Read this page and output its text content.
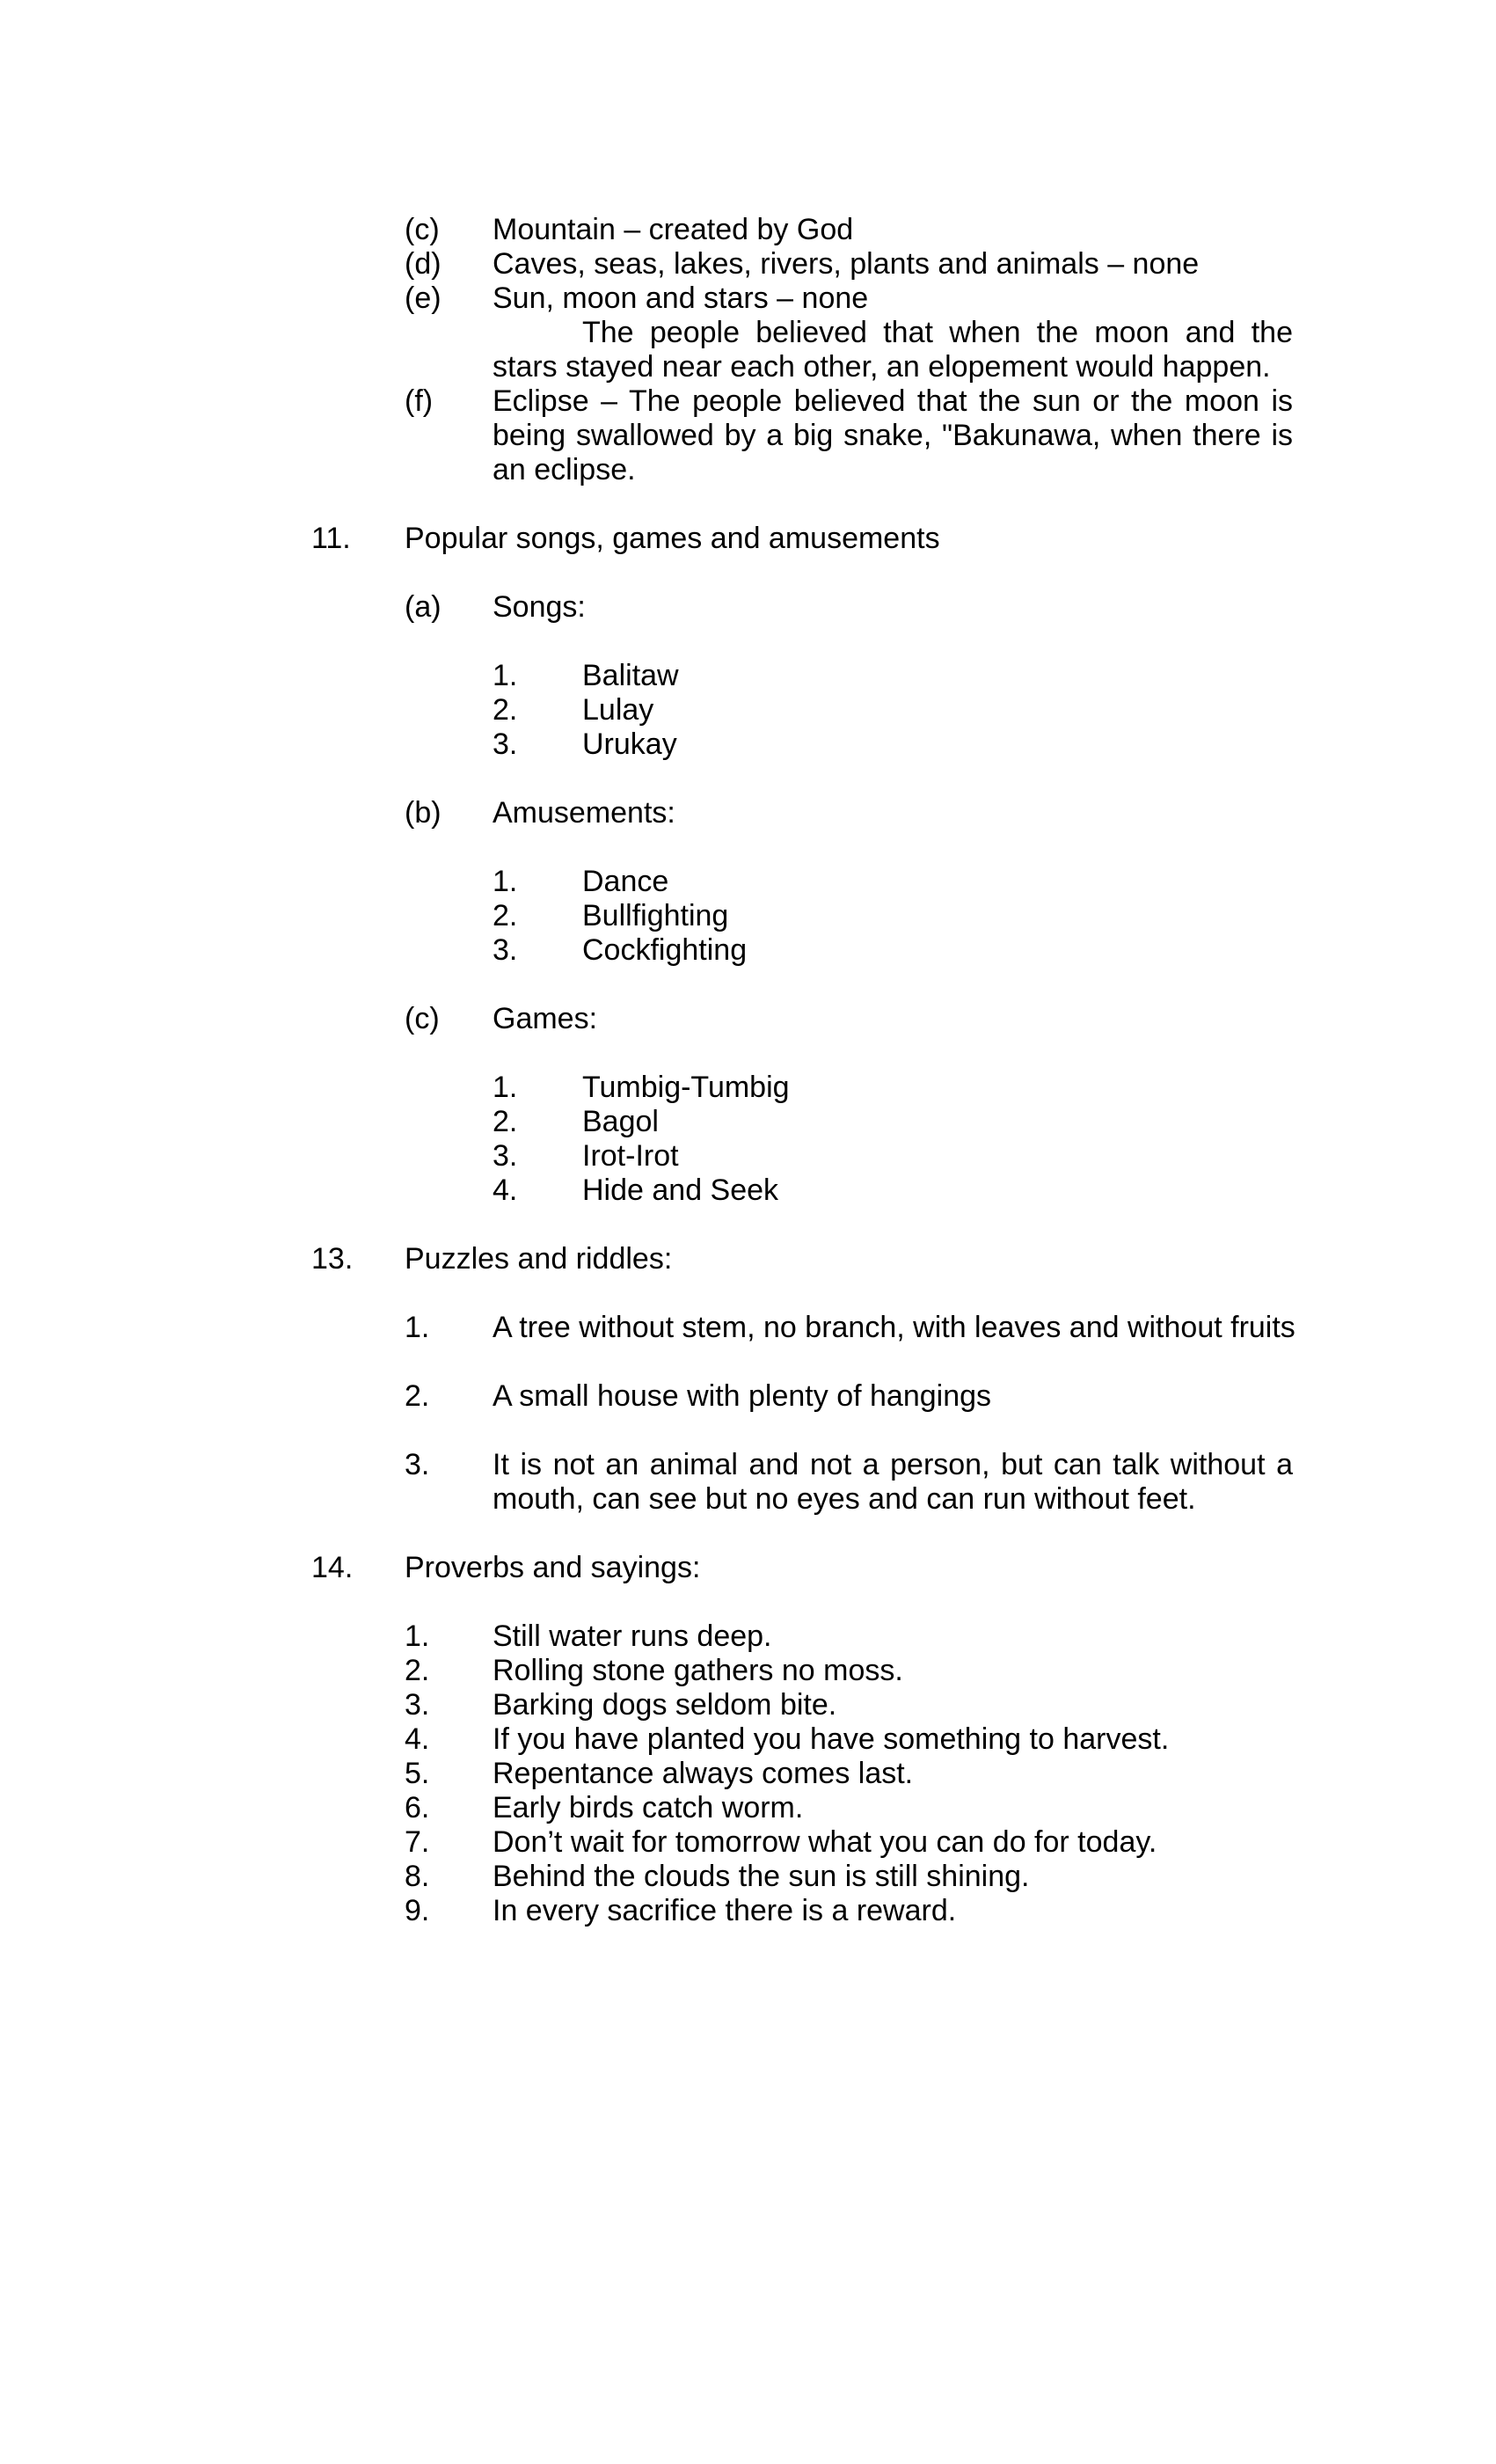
(c) Mountain – created by God
(d) Caves, seas, lakes, rivers, plants and animals – none
(e) Sun, moon and stars – none
The people believed that when the moon and the
stars stayed near each other, an elopement would happen.
(f) Eclipse – The people believed that the sun or the moon is
being swallowed by a big snake, "Bakunawa, when there is
an eclipse.
11. Popular songs, games and amusements
(a) Songs:
1. Balitaw
2. Lulay
3. Urukay
(b) Amusements:
1. Dance
2. Bullfighting
3. Cockfighting
(c) Games:
1. Tumbig-Tumbig
2. Bagol
3. Irot-Irot
4. Hide and Seek
13. Puzzles and riddles:
1. A tree without stem, no branch, with leaves and without fruits
2. A small house with plenty of hangings
3. It is not an animal and not a person, but can talk without a
mouth, can see but no eyes and can run without feet.
14. Proverbs and sayings:
1. Still water runs deep.
2. Rolling stone gathers no moss.
3. Barking dogs seldom bite.
4. If you have planted you have something to harvest.
5. Repentance always comes last.
6. Early birds catch worm.
7. Don’t wait for tomorrow what you can do for today.
8. Behind the clouds the sun is still shining.
9. In every sacrifice there is a reward.
